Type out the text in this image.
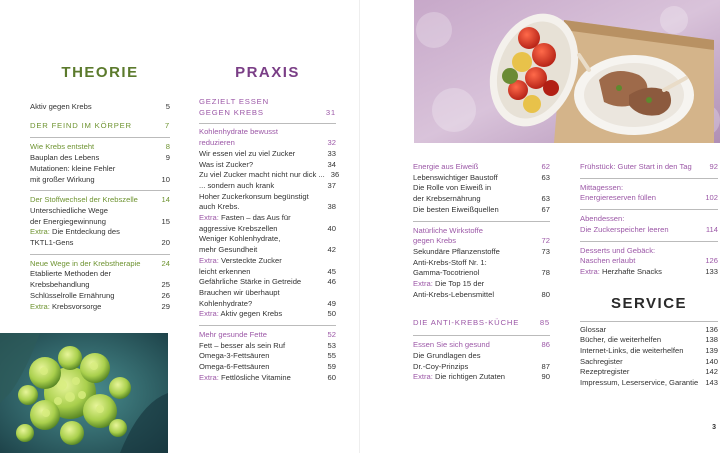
THEORIE
Aktiv gegen Krebs	5
DER FEIND IM KÖRPER	7
Wie Krebs entsteht	8
Bauplan des Lebens	9
Mutationen: kleine Fehler
mit großer Wirkung	10
Der Stoffwechsel der Krebszelle	14
Unterschiedliche Wege
der Energiegewinnung	15
Extra: Die Entdeckung des
TKTL1-Gens	20
Neue Wege in der Krebstherapie	24
Etablierte Methoden der
Krebsbehandlung	25
Schlüsselrolle Ernährung	26
Extra: Krebsvorsorge	29
PRAXIS
GEZIELT ESSEN
GEGEN KREBS	31
Kohlenhydrate bewusst
reduzieren	32
Wir essen viel zu viel Zucker	33
Was ist Zucker?	34
Zu viel Zucker macht nicht nur dick ... 36
... sondern auch krank	37
Hoher Zuckerkonsum begünstigt
auch Krebs.	38
Extra: Fasten – das Aus für
aggressive Krebszellen	40
Weniger Kohlenhydrate,
mehr Gesundheit	42
Extra: Versteckte Zucker
leicht erkennen	45
Gefährliche Stärke in Getreide	46
Brauchen wir überhaupt
Kohlenhydrate?	49
Extra: Aktiv gegen Krebs	50
Mehr gesunde Fette	52
Fett – besser als sein Ruf	53
Omega-3-Fettsäuren	55
Omega-6-Fettsäuren	59
Extra: Fettlösliche Vitamine	60
Energie aus Eiweiß	62
Lebenswichtiger Baustoff	63
Die Rolle von Eiweiß in
der Krebsernährung	63
Die besten Eiweißquellen	67
Natürliche Wirkstoffe
gegen Krebs	72
Sekundäre Pflanzenstoffe	73
Anti-Krebs-Stoff Nr. 1:
Gamma-Tocotrienol	78
Extra: Die Top 15 der
Anti-Krebs-Lebensmittel	80
DIE ANTI-KREBS-KÜCHE	85
Essen Sie sich gesund	86
Die Grundlagen des
Dr.-Coy-Prinzips	87
Extra: Die richtigen Zutaten	90
Frühstück: Guter Start in den Tag	92
Mittagessen:
Energiereserven füllen	102
Abendessen:
Die Zuckerspeicher leeren	114
Desserts und Gebäck:
Naschen erlaubt	126
Extra: Herzhafte Snacks	133
SERVICE
Glossar	136
Bücher, die weiterhelfen	138
Internet-Links, die weiterhelfen	139
Sachregister	140
Rezeptregister	142
Impressum, Leserservice, Garantie 143
3
